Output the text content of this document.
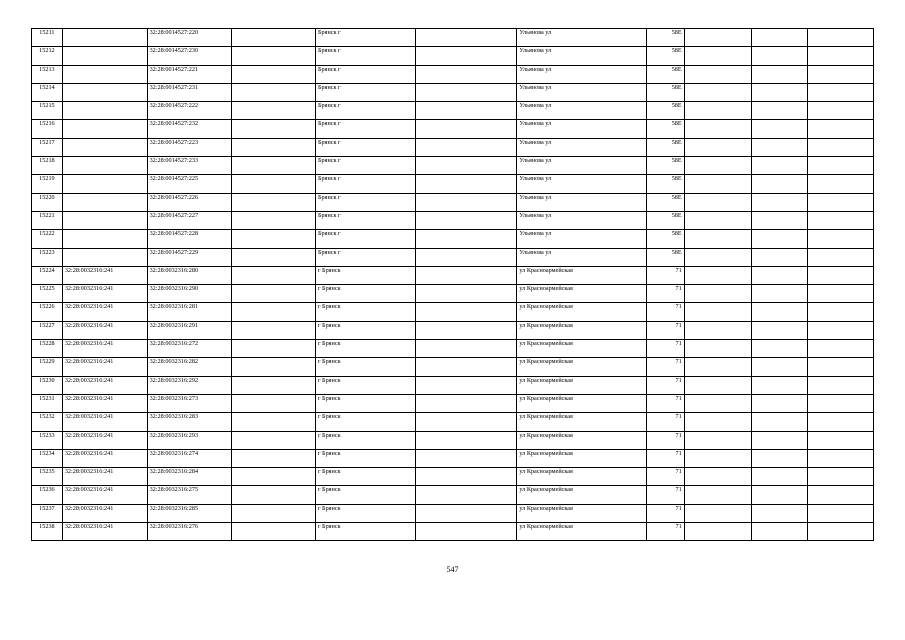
15211		32:28:0014527:220		Брянск г		Ульянова ул	58Е			
15212		32:28:0014527:230		Брянск г		Ульянова ул	58Е			
15213		32:28:0014527:221		Брянск г		Ульянова ул	58Е			
15214		32:28:0014527:231		Брянск г		Ульянова ул	58Е			
15215		32:28:0014527:222		Брянск г		Ульянова ул	58Е			
15216		32:28:0014527:232		Брянск г		Ульянова ул	58Е			
15217		32:28:0014527:223		Брянск г		Ульянова ул	58Е			
15218		32:28:0014527:233		Брянск г		Ульянова ул	58Е			
15219		32:28:0014527:225		Брянск г		Ульянова ул	58Е			
15220		32:28:0014527:226		Брянск г		Ульянова ул	58Е			
15221		32:28:0014527:227		Брянск г		Ульянова ул	58Е			
15222		32:28:0014527:228		Брянск г		Ульянова ул	58Е			
15223		32:28:0014527:229		Брянск г		Ульянова ул	58Е			
15224	32:28:0032316:241	32:28:0032316:280		г Брянск		ул Красноармейская	71			
15225	32:28:0032316:241	32:28:0032316:290		г Брянск		ул Красноармейская	71			
15226	32:28:0032316:241	32:28:0032316:281		г Брянск		ул Красноармейская	71			
15227	32:28:0032316:241	32:28:0032316:291		г Брянск		ул Красноармейская	71			
15228	32:28:0032316:241	32:28:0032316:272		г Брянск		ул Красноармейская	71			
15229	32:28:0032316:241	32:28:0032316:282		г Брянск		ул Красноармейская	71			
15230	32:28:0032316:241	32:28:0032316:292		г Брянск		ул Красноармейская	71			
15231	32:28:0032316:241	32:28:0032316:273		г Брянск		ул Красноармейская	71			
15232	32:28:0032316:241	32:28:0032316:283		г Брянск		ул Красноармейская	71			
15233	32:28:0032316:241	32:28:0032316:293		г Брянск		ул Красноармейская	71			
15234	32:28:0032316:241	32:28:0032316:274		г Брянск		ул Красноармейская	71			
15235	32:28:0032316:241	32:28:0032316:284		г Брянск		ул Красноармейская	71			
15236	32:28:0032316:241	32:28:0032316:275		г Брянск		ул Красноармейская	71			
15237	32:28:0032316:241	32:28:0032316:285		г Брянск		ул Красноармейская	71			
15238	32:28:0032316:241	32:28:0032316:276		г Брянск		ул Красноармейская	71			
547
